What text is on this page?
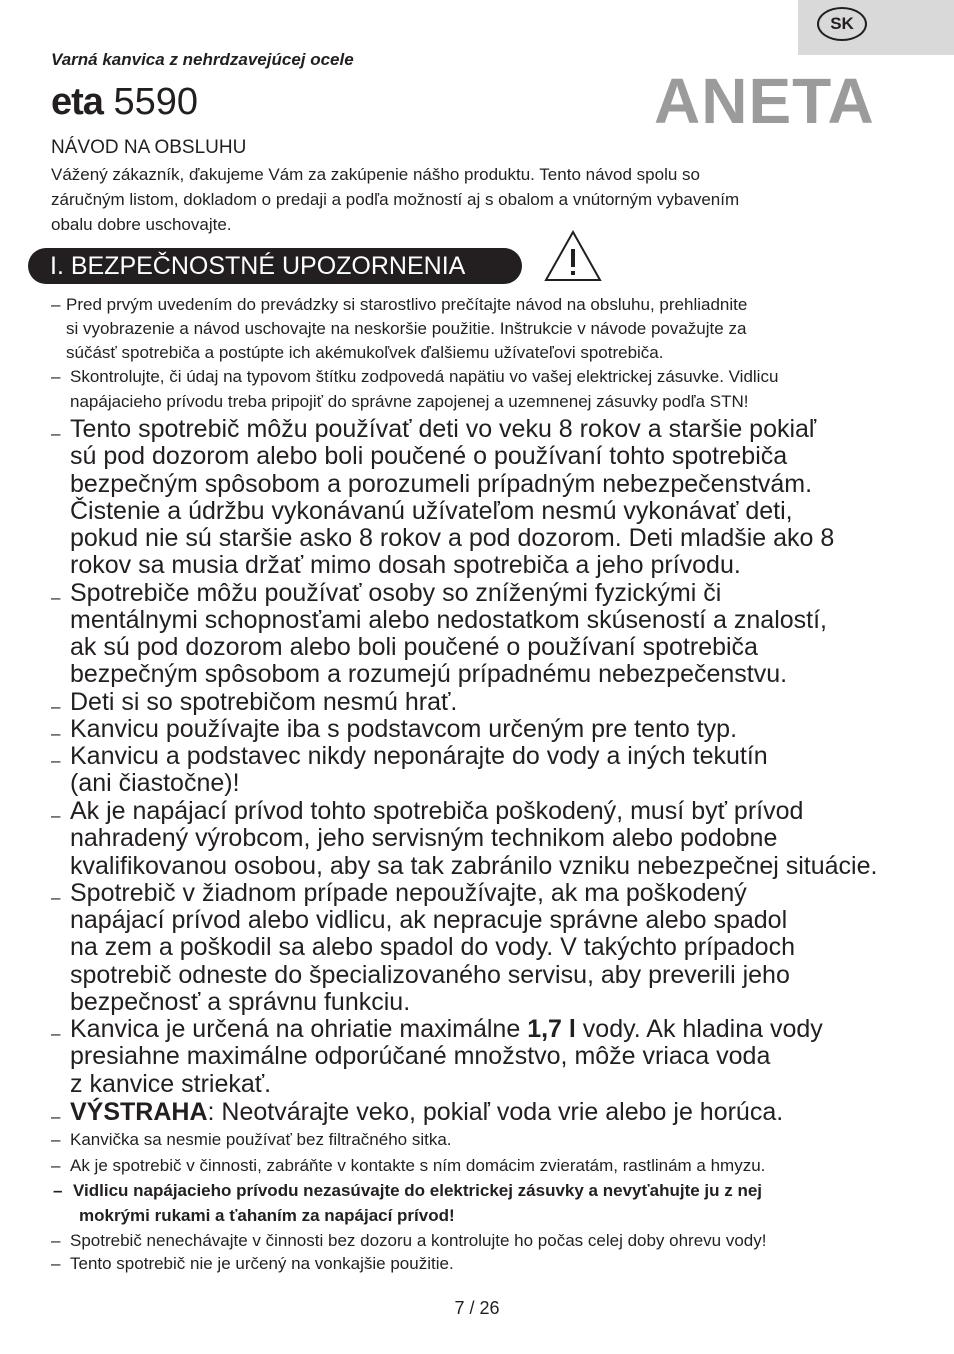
SK
Varná kanvica z nehrdzavejúcej ocele
eta 5590	ANETA
NÁVOD NA OBSLUHU
Vážený zákazník, ďakujeme Vám za zakúpenie nášho produktu. Tento návod spolu so
záručným listom, dokladom o predaji a podľa možností aj s obalom a vnútorným vybavením
obalu dobre uschovajte.
I. BEZPEČNOSTNÉ UPOZORNENIA
– Pred prvým uvedením do prevádzky si starostlivo prečítajte návod na obsluhu, prehliadnite
si vyobrazenie a návod uschovajte na neskoršie použitie. Inštrukcie v návode považujte za
súčásť spotrebiča a postúpte ich akémukoľvek ďalšiemu užívateľovi spotrebiča.
– Skontrolujte, či údaj na typovom štítku zodpovedá napätiu vo vašej elektrickej zásuvke. Vidlicu
napájacieho prívodu treba pripojiť do správne zapojenej a uzemnenej zásuvky podľa STN!
– Tento spotrebič môžu používať deti vo veku 8 rokov a staršie pokiaľ
sú pod dozorom alebo boli poučené o používaní tohto spotrebiča
bezpečným spôsobom a porozumeli prípadným nebezpečenstvám.
Čistenie a údržbu vykonávanú užívateľom nesmú vykonávať deti,
pokud nie sú staršie asko 8 rokov a pod dozorom. Deti mladšie ako 8
rokov sa musia držať mimo dosah spotrebiča a jeho prívodu.
– Spotrebiče môžu používať osoby so zníženými fyzickými či
mentálnymi schopnosťami alebo nedostatkom skúseností a znalostí,
ak sú pod dozorom alebo boli poučené o používaní spotrebiča
bezpečným spôsobom a rozumejú prípadnému nebezpečenstvu.
– Deti si so spotrebičom nesmú hrať.
– Kanvicu používajte iba s podstavcom určeným pre tento typ.
– Kanvicu a podstavec nikdy neponárajte do vody a iných tekutín
(ani čiastočne)!
– Ak je napájací prívod tohto spotrebiča poškodený, musí byť prívod
nahradený výrobcom, jeho servisným technikom alebo podobne
kvalifikovanou osobou, aby sa tak zabránilo vzniku nebezpečnej situácie.
– Spotrebič v žiadnom prípade nepoužívajte, ak ma poškodený
napájací prívod alebo vidlicu, ak nepracuje správne alebo spadol
na zem a poškodil sa alebo spadol do vody. V takýchto prípadoch
spotrebič odneste do špecializovaného servisu, aby preverili jeho
bezpečnosť a správnu funkciu.
– Kanvica je určená na ohriatie maximálne 1,7 l vody. Ak hladina vody
presiahne maximálne odporúčané množstvo, môže vriaca voda
z kanvice striekať.
– VÝSTRAHA: Neotvárajte veko, pokiaľ voda vrie alebo je horúca.
– Kanvička sa nesmie používať bez filtračného sitka.
– Ak je spotrebič v činnosti, zabráňte v kontakte s ním domácim zvieratám, rastlinám a hmyzu.
– Vidlicu napájacieho prívodu nezasúvajte do elektrickej zásuvky a nevyťahujte ju z nej
mokrými rukami a ťahaním za napájací prívod!
– Spotrebič nenechávajte v činnosti bez dozoru a kontrolujte ho počas celej doby ohrevu vody!
– Tento spotrebič nie je určený na vonkajšie použitie.
7 / 26
